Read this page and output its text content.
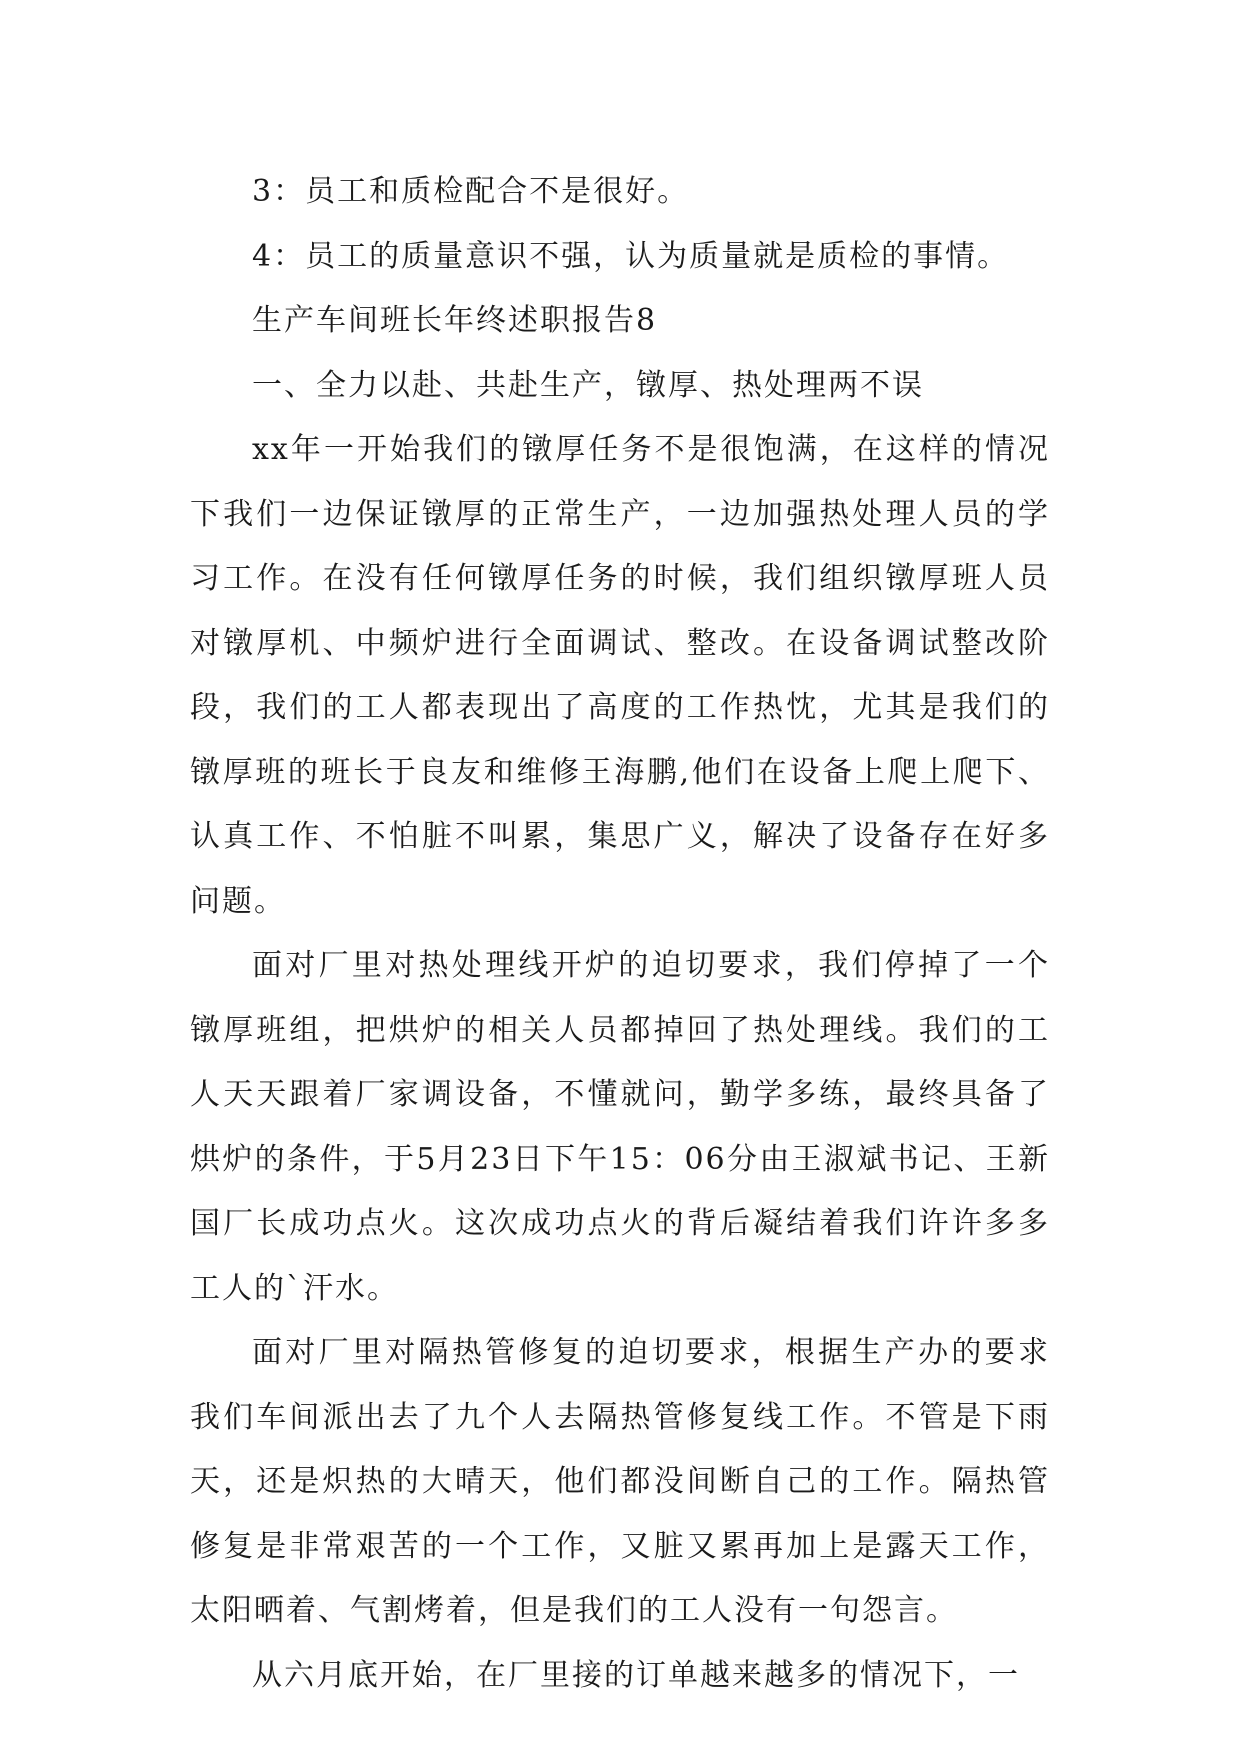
3：员工和质检配合不是很好。

4：员工的质量意识不强，认为质量就是质检的事情。

生产车间班长年终述职报告8

一、全力以赴、共赴生产，镦厚、热处理两不误

xx年一开始我们的镦厚任务不是很饱满，在这样的情况下我们一边保证镦厚的正常生产，一边加强热处理人员的学习工作。在没有任何镦厚任务的时候，我们组织镦厚班人员对镦厚机、中频炉进行全面调试、整改。在设备调试整改阶段，我们的工人都表现出了高度的工作热忱，尤其是我们的镦厚班的班长于良友和维修王海鹏,他们在设备上爬上爬下、认真工作、不怕脏不叫累，集思广义，解决了设备存在好多问题。

面对厂里对热处理线开炉的迫切要求，我们停掉了一个镦厚班组，把烘炉的相关人员都掉回了热处理线。我们的工人天天跟着厂家调设备，不懂就问，勤学多练，最终具备了烘炉的条件，于5月23日下午15：06分由王淑斌书记、王新国厂长成功点火。这次成功点火的背后凝结着我们许许多多工人的`汗水。

面对厂里对隔热管修复的迫切要求，根据生产办的要求我们车间派出去了九个人去隔热管修复线工作。不管是下雨天，还是炽热的大晴天，他们都没间断自己的工作。隔热管修复是非常艰苦的一个工作，又脏又累再加上是露天工作，太阳晒着、气割烤着，但是我们的工人没有一句怨言。

从六月底开始，在厂里接的订单越来越多的情况下，一
